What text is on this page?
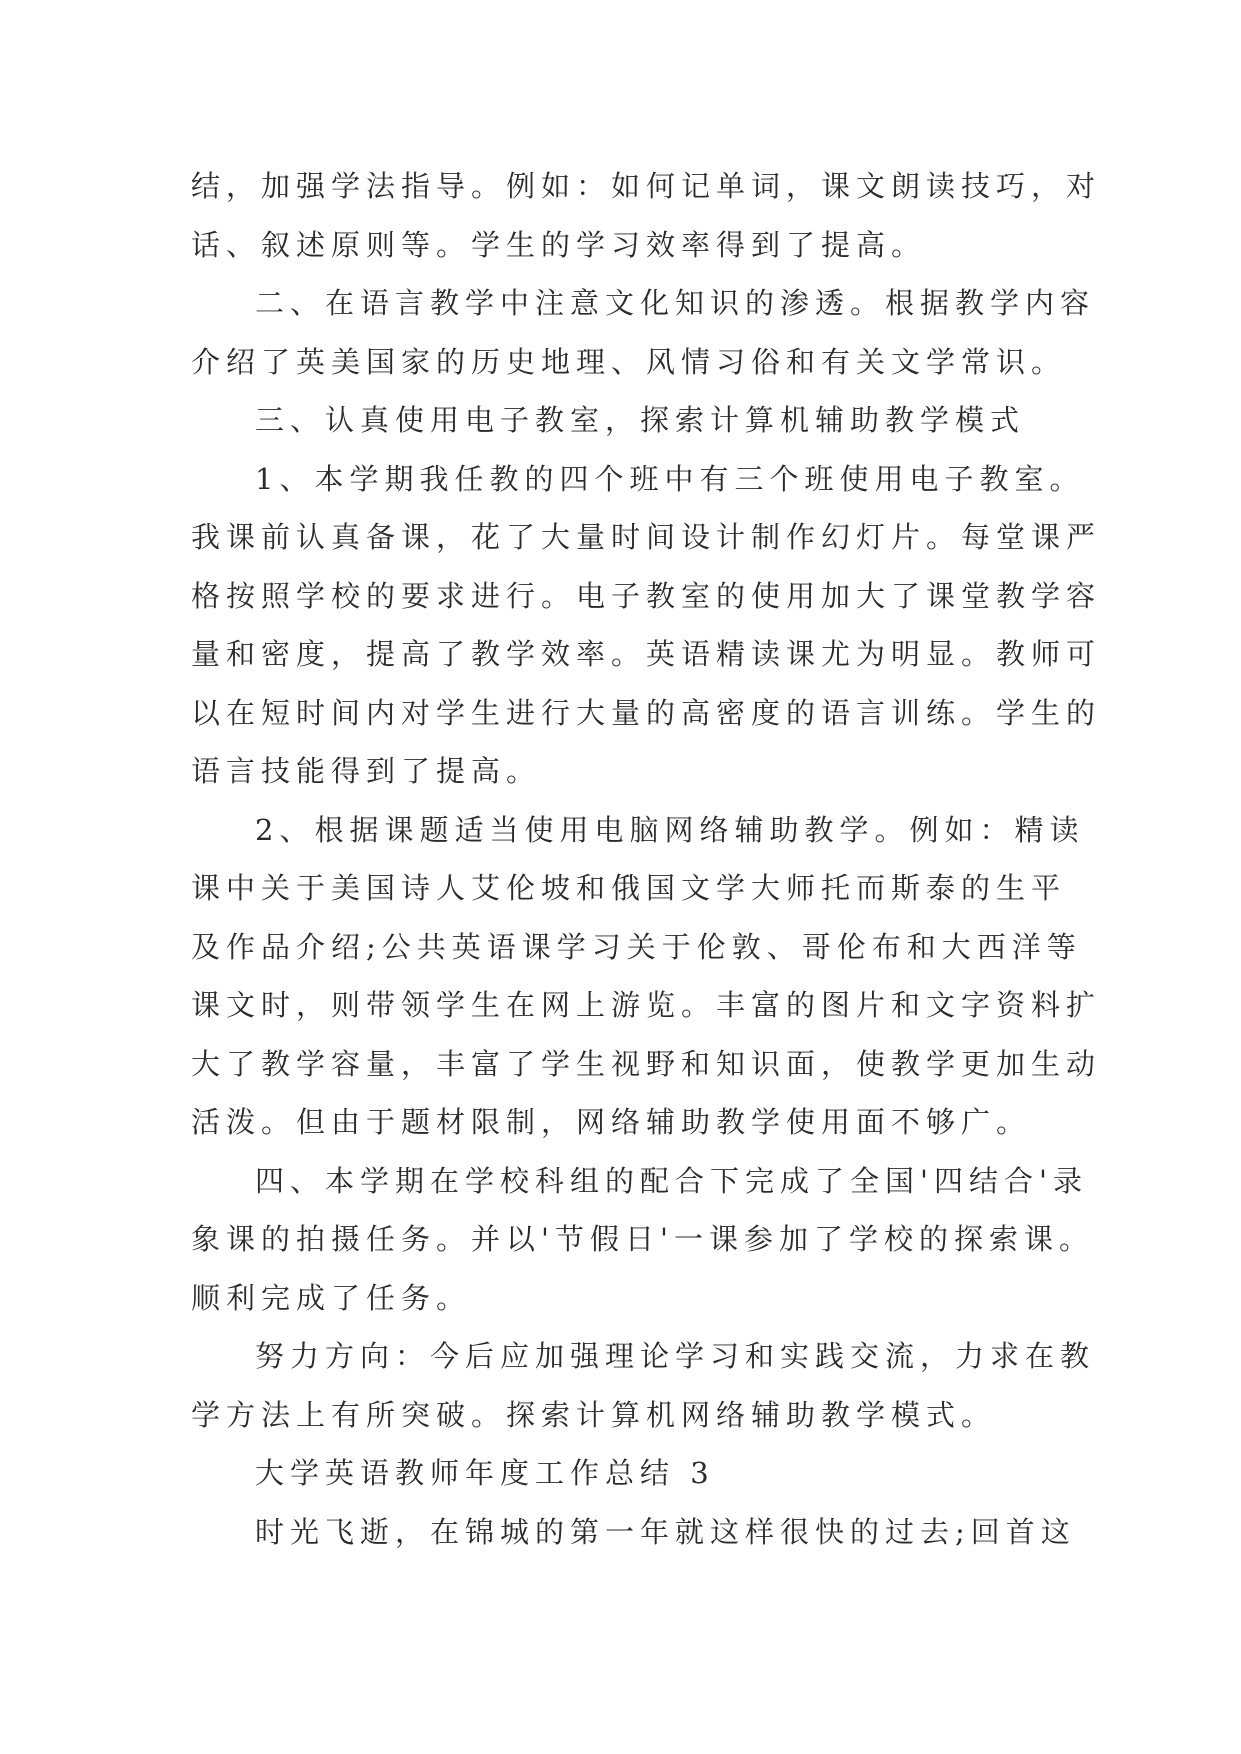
结，加强学法指导。例如：如何记单词，课文朗读技巧，对

话、叙述原则等。学生的学习效率得到了提高。

二、在语言教学中注意文化知识的渗透。根据教学内容

介绍了英美国家的历史地理、风情习俗和有关文学常识。

三、认真使用电子教室，探索计算机辅助教学模式

1、本学期我任教的四个班中有三个班使用电子教室。

我课前认真备课，花了大量时间设计制作幻灯片。每堂课严

格按照学校的要求进行。电子教室的使用加大了课堂教学容

量和密度，提高了教学效率。英语精读课尤为明显。教师可

以在短时间内对学生进行大量的高密度的语言训练。学生的

语言技能得到了提高。

2、根据课题适当使用电脑网络辅助教学。例如：精读

课中关于美国诗人艾伦坡和俄国文学大师托而斯泰的生平

及作品介绍;公共英语课学习关于伦敦、哥伦布和大西洋等

课文时，则带领学生在网上游览。丰富的图片和文字资料扩

大了教学容量，丰富了学生视野和知识面，使教学更加生动

活泼。但由于题材限制，网络辅助教学使用面不够广。

四、本学期在学校科组的配合下完成了全国'四结合'录

象课的拍摄任务。并以'节假日'一课参加了学校的探索课。

顺利完成了任务。

努力方向：今后应加强理论学习和实践交流，力求在教

学方法上有所突破。探索计算机网络辅助教学模式。

大学英语教师年度工作总结 3

时光飞逝，在锦城的第一年就这样很快的过去;回首这
